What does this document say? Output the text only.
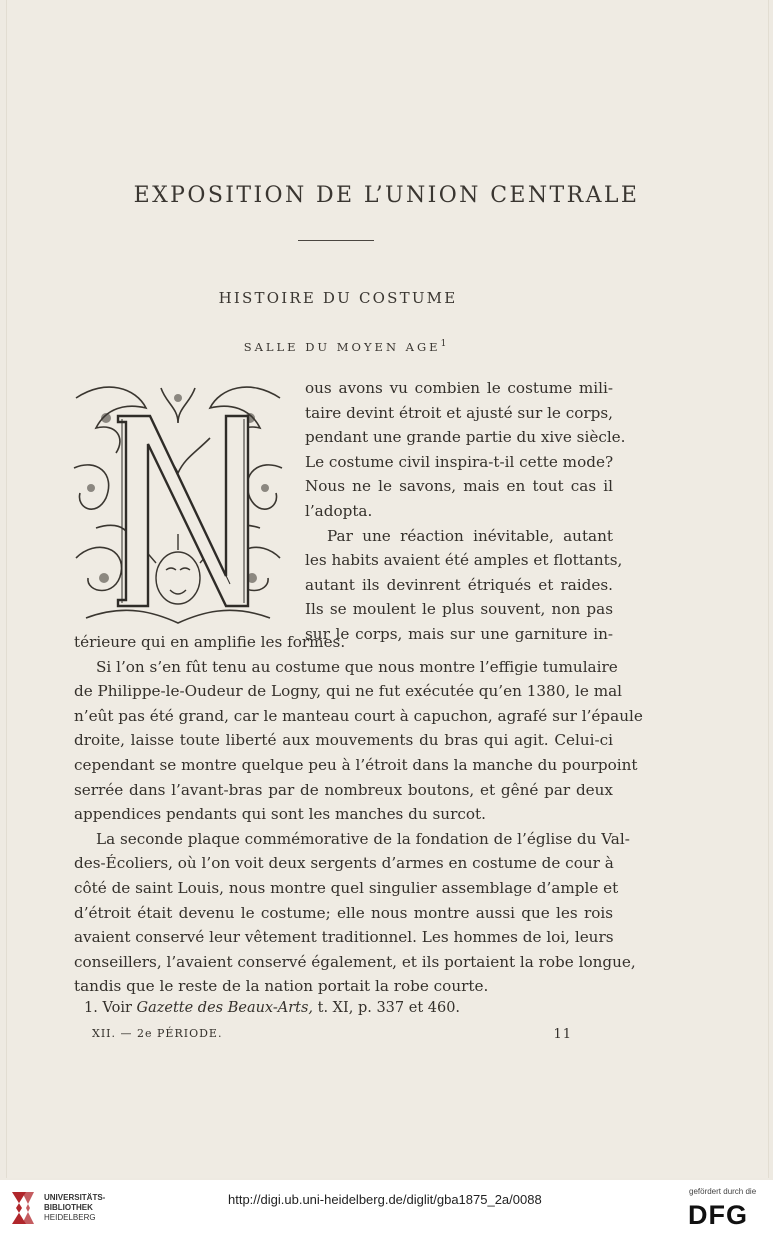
EXPOSITION DE L’UNION CENTRALE
HISTOIRE DU COSTUME
SALLE DU MOYEN AGE$^1$
ous avons vu combien le costume mili-
taire devint étroit et ajusté sur le corps,
pendant une grande partie du xive siècle.
Le costume civil inspira-t-il cette mode?
Nous ne le savons, mais en tout cas il
l’adopta.
Par une réaction inévitable, autant
les habits avaient été amples et flottants,
autant ils devinrent étriqués et raides.
Ils se moulent le plus souvent, non pas
sur le corps, mais sur une garniture in-
térieure qui en amplifie les formes.
Si l’on s’en fût tenu au costume que nous montre l’effigie tumulaire
de Philippe-le-Oudeur de Logny, qui ne fut exécutée qu’en 1380, le mal
n’eût pas été grand, car le manteau court à capuchon, agrafé sur l’épaule
droite, laisse toute liberté aux mouvements du bras qui agit. Celui-ci
cependant se montre quelque peu à l’étroit dans la manche du pourpoint
serrée dans l’avant-bras par de nombreux boutons, et gêné par deux
appendices pendants qui sont les manches du surcot.
La seconde plaque commémorative de la fondation de l’église du Val-
des-Écoliers, où l’on voit deux sergents d’armes en costume de cour à
côté de saint Louis, nous montre quel singulier assemblage d’ample et
d’étroit était devenu le costume; elle nous montre aussi que les rois
avaient conservé leur vêtement traditionnel. Les hommes de loi, leurs
conseillers, l’avaient conservé également, et ils portaient la robe longue,
tandis que le reste de la nation portait la robe courte.
1. Voir Gazette des Beaux-Arts, t. XI, p. 337 et 460.
XII. — 2e PÉRIODE.	11
UNIVERSITÄTS-
BIBLIOTHEK
HEIDELBERG
http://digi.ub.uni-heidelberg.de/diglit/gba1875_2a/0088
gefördert durch die
DFG
